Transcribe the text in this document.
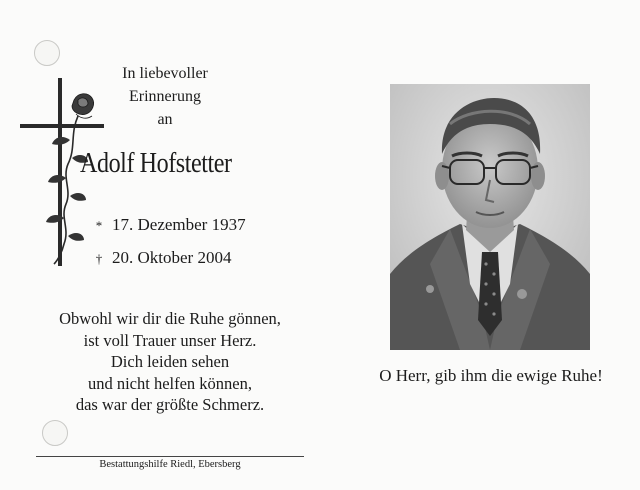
In liebevoller
Erinnerung
an
Adolf Hofstetter
* 17. Dezember 1937
† 20. Oktober 2004
Obwohl wir dir die Ruhe gönnen,
ist voll Trauer unser Herz.
Dich leiden sehen
und nicht helfen können,
das war der größte Schmerz.
Bestattungshilfe Riedl, Ebersberg
O Herr, gib ihm die ewige Ruhe!
